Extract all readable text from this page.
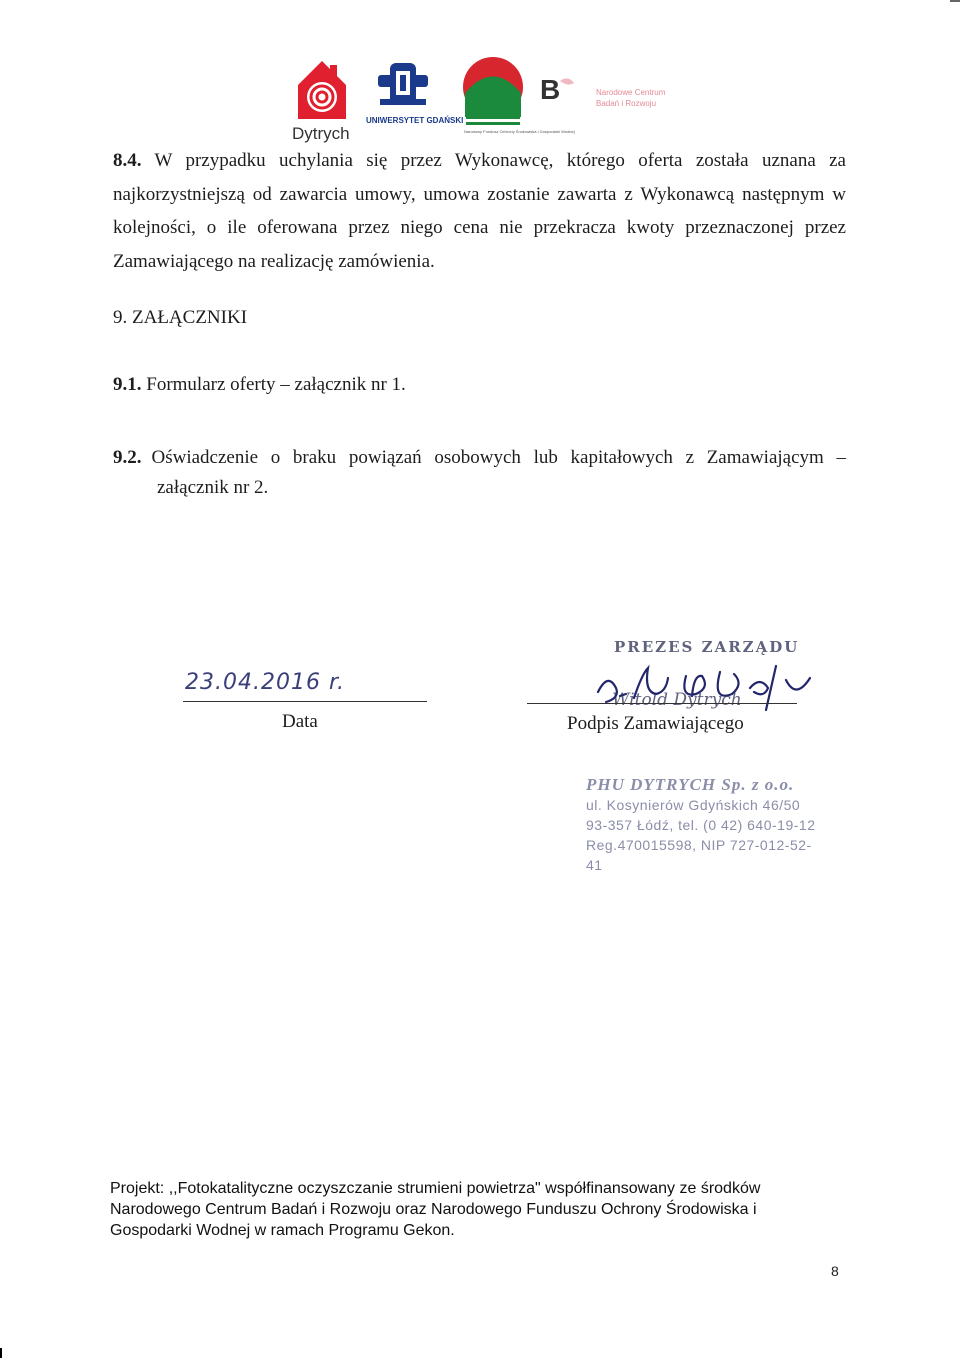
Dytrych
UNIWERSYTET GDAŃSKI
Narodowy Fundusz Ochrony Środowiska i Gospodarki Wodnej
B	Narodowe Centrum
Badań i Rozwoju
8.4. W przypadku uchylania się przez Wykonawcę, którego oferta została uznana za najkorzystniejszą od zawarcia umowy, umowa zostanie zawarta z Wykonawcą następnym w kolejności, o ile oferowana przez niego cena nie przekracza kwoty przeznaczonej przez Zamawiającego na realizację zamówienia.
9. ZAŁĄCZNIKI
9.1. Formularz oferty – załącznik nr 1.
9.2. Oświadczenie o braku powiązań osobowych lub kapitałowych z Zamawiającym –
załącznik nr 2.
23.04.2016 r.
Data
PREZES ZARZĄDU
Witold Dytrych
Podpis Zamawiającego
PHU DYTRYCH Sp. z o.o.
ul. Kosynierów Gdyńskich 46/50
93-357 Łódź, tel. (0 42) 640-19-12
Reg.470015598, NIP 727-012-52-41
Projekt: ,,Fotokatalityczne oczyszczanie strumieni powietrza" współfinansowany ze środków Narodowego Centrum Badań i Rozwoju oraz Narodowego Funduszu Ochrony Środowiska i Gospodarki Wodnej w ramach Programu Gekon.
8
